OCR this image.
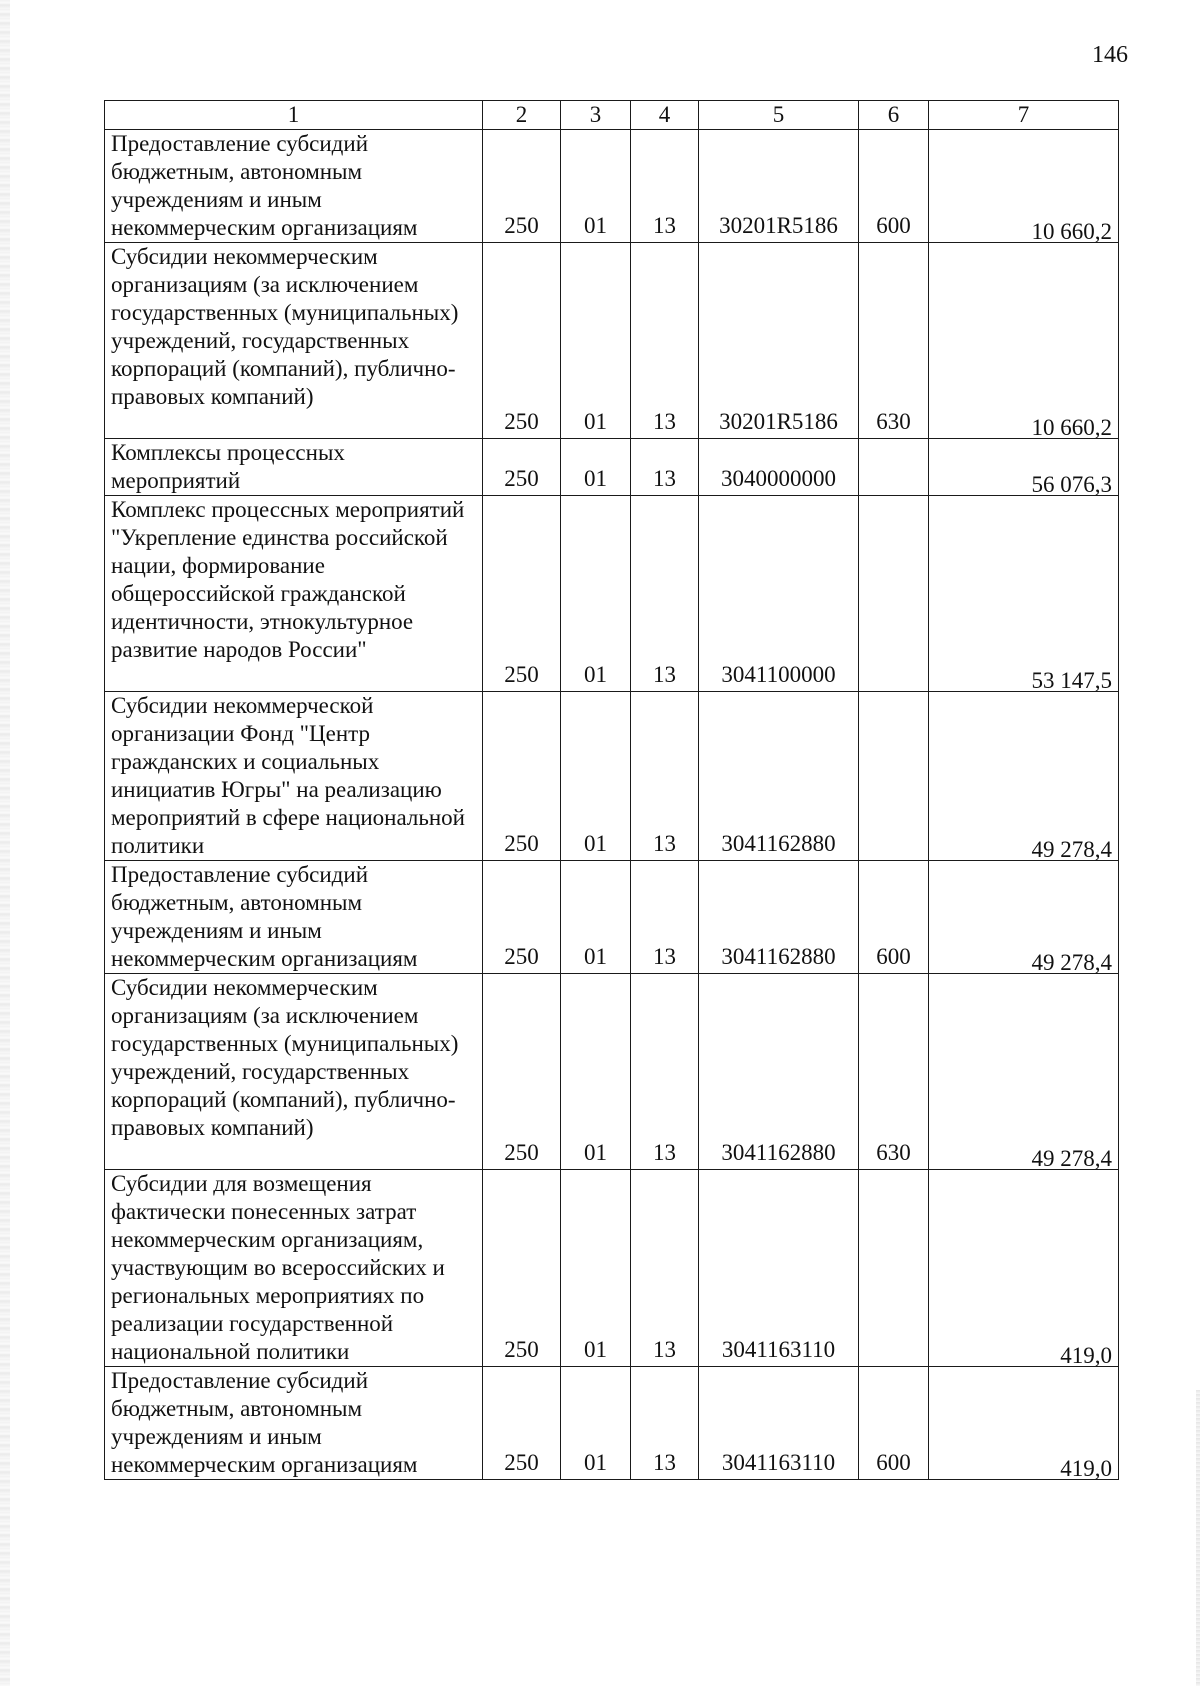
146
1	2	3	4	5	6	7
Предоставление субсидий бюджетным, автономным учреждениям и иным некоммерческим организациям	250	01	13	30201R5186	600	10 660,2
Субсидии некоммерческим организациям (за исключением государственных (муниципальных) учреждений, государственных корпораций (компаний), публично-правовых компаний)	250	01	13	30201R5186	630	10 660,2
Комплексы процессных мероприятий	250	01	13	3040000000		56 076,3
Комплекс процессных мероприятий "Укрепление единства российской нации, формирование общероссийской гражданской идентичности, этнокультурное развитие народов России"	250	01	13	3041100000		53 147,5
Субсидии некоммерческой организации Фонд "Центр гражданских и социальных инициатив Югры" на реализацию мероприятий в сфере национальной политики	250	01	13	3041162880		49 278,4
Предоставление субсидий бюджетным, автономным учреждениям и иным некоммерческим организациям	250	01	13	3041162880	600	49 278,4
Субсидии некоммерческим организациям (за исключением государственных (муниципальных) учреждений, государственных корпораций (компаний), публично-правовых компаний)	250	01	13	3041162880	630	49 278,4
Субсидии для возмещения фактически понесенных затрат некоммерческим организациям, участвующим во всероссийских и региональных мероприятиях по реализации государственной национальной политики	250	01	13	3041163110		419,0
Предоставление субсидий бюджетным, автономным учреждениям и иным некоммерческим организациям	250	01	13	3041163110	600	419,0
